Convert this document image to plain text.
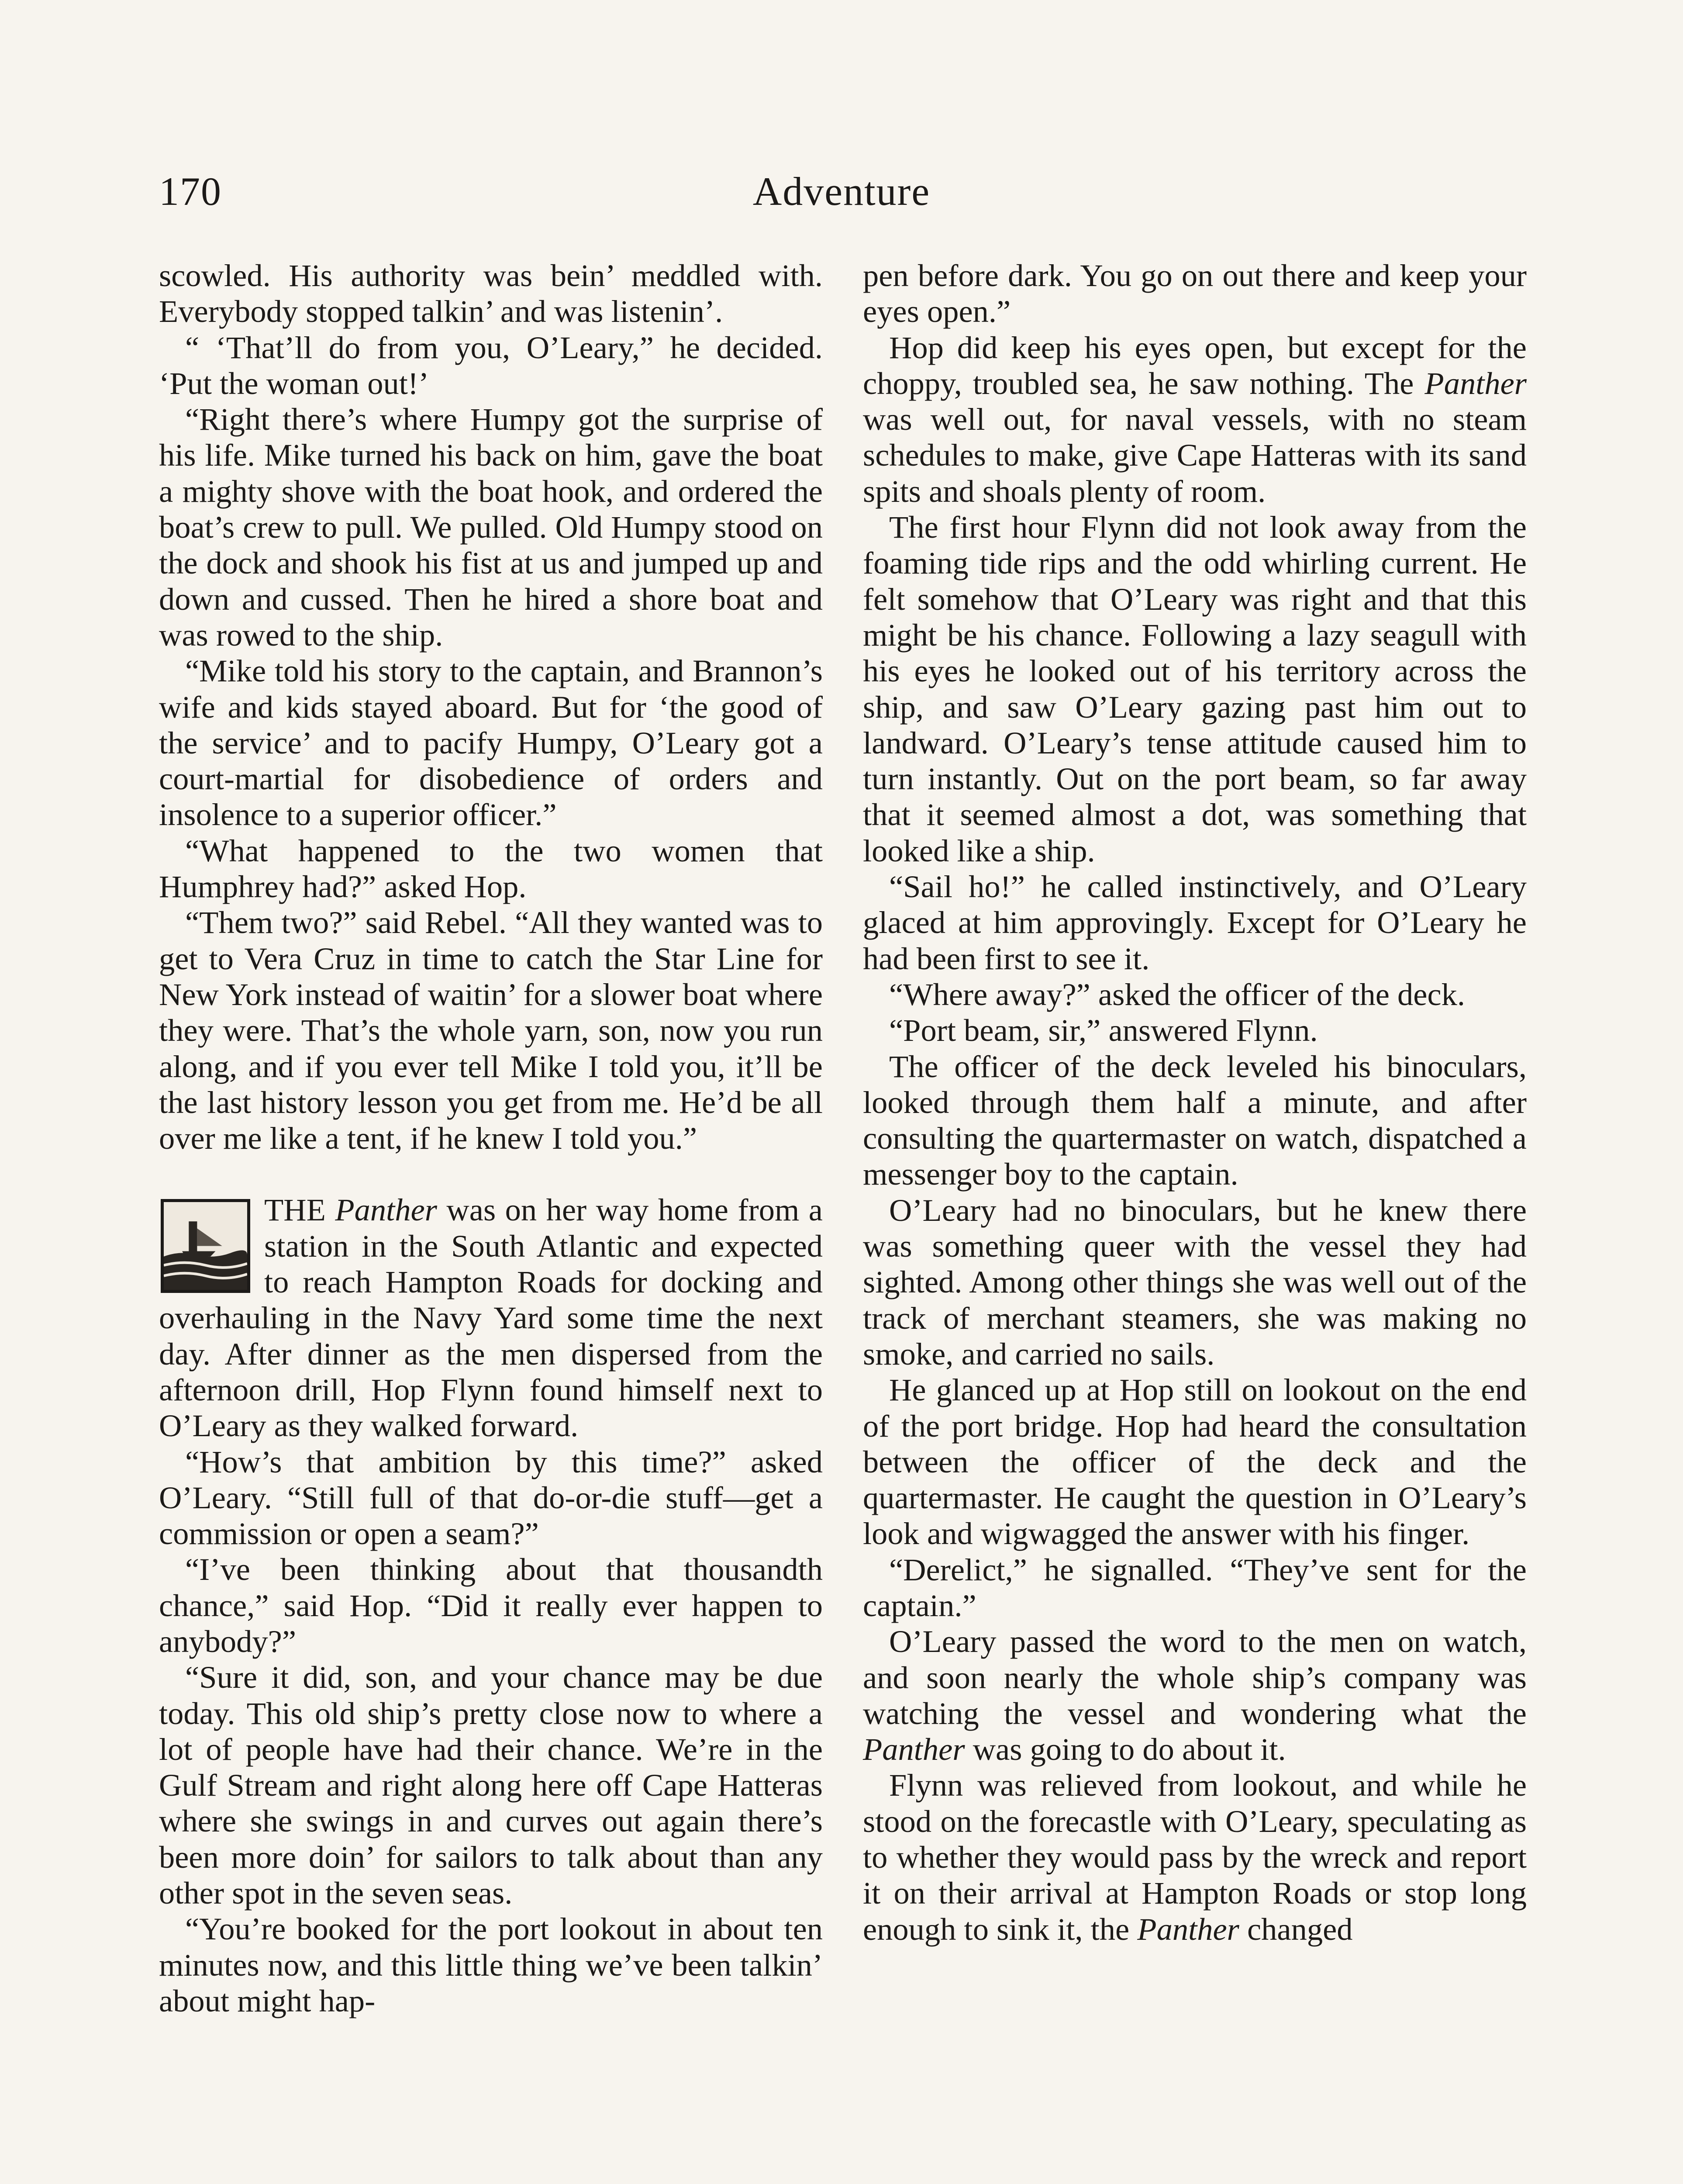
170	Adventure

scowled. His authority was bein’ meddled with. Everybody stopped talkin’ and was listenin’.

“ ‘That’ll do from you, O’Leary,” he decided. ‘Put the woman out!’

“Right there’s where Humpy got the surprise of his life. Mike turned his back on him, gave the boat a mighty shove with the boat hook, and ordered the boat’s crew to pull. We pulled. Old Humpy stood on the dock and shook his fist at us and jumped up and down and cussed. Then he hired a shore boat and was rowed to the ship.

“Mike told his story to the captain, and Brannon’s wife and kids stayed aboard. But for ‘the good of the service’ and to pacify Humpy, O’Leary got a court-martial for disobedience of orders and insolence to a superior officer.”

“What happened to the two women that Humphrey had?” asked Hop.

“Them two?” said Rebel. “All they wanted was to get to Vera Cruz in time to catch the Star Line for New York instead of waitin’ for a slower boat where they were. That’s the whole yarn, son, now you run along, and if you ever tell Mike I told you, it’ll be the last history lesson you get from me. He’d be all over me like a tent, if he knew I told you.”

THE Panther was on her way home from a station in the South Atlantic and expected to reach Hampton Roads for docking and overhauling in the Navy Yard some time the next day. After dinner as the men dispersed from the afternoon drill, Hop Flynn found himself next to O’Leary as they walked forward.

“How’s that ambition by this time?” asked O’Leary. “Still full of that do-or-die stuff—get a commission or open a seam?”

“I’ve been thinking about that thousandth chance,” said Hop. “Did it really ever happen to anybody?”

“Sure it did, son, and your chance may be due today. This old ship’s pretty close now to where a lot of people have had their chance. We’re in the Gulf Stream and right along here off Cape Hatteras where she swings in and curves out again there’s been more doin’ for sailors to talk about than any other spot in the seven seas.

“You’re booked for the port lookout in about ten minutes now, and this little thing we’ve been talkin’ about might hap-

pen before dark. You go on out there and keep your eyes open.”

Hop did keep his eyes open, but except for the choppy, troubled sea, he saw nothing. The Panther was well out, for naval vessels, with no steam schedules to make, give Cape Hatteras with its sand spits and shoals plenty of room.

The first hour Flynn did not look away from the foaming tide rips and the odd whirling current. He felt somehow that O’Leary was right and that this might be his chance. Following a lazy seagull with his eyes he looked out of his territory across the ship, and saw O’Leary gazing past him out to landward. O’Leary’s tense attitude caused him to turn instantly. Out on the port beam, so far away that it seemed almost a dot, was something that looked like a ship.

“Sail ho!” he called instinctively, and O’Leary glaced at him approvingly. Except for O’Leary he had been first to see it.

“Where away?” asked the officer of the deck.

“Port beam, sir,” answered Flynn.

The officer of the deck leveled his binoculars, looked through them half a minute, and after consulting the quartermaster on watch, dispatched a messenger boy to the captain.

O’Leary had no binoculars, but he knew there was something queer with the vessel they had sighted. Among other things she was well out of the track of merchant steamers, she was making no smoke, and carried no sails.

He glanced up at Hop still on lookout on the end of the port bridge. Hop had heard the consultation between the officer of the deck and the quartermaster. He caught the question in O’Leary’s look and wigwagged the answer with his finger.

“Derelict,” he signalled. “They’ve sent for the captain.”

O’Leary passed the word to the men on watch, and soon nearly the whole ship’s company was watching the vessel and wondering what the Panther was going to do about it.

Flynn was relieved from lookout, and while he stood on the forecastle with O’Leary, speculating as to whether they would pass by the wreck and report it on their arrival at Hampton Roads or stop long enough to sink it, the Panther changed
